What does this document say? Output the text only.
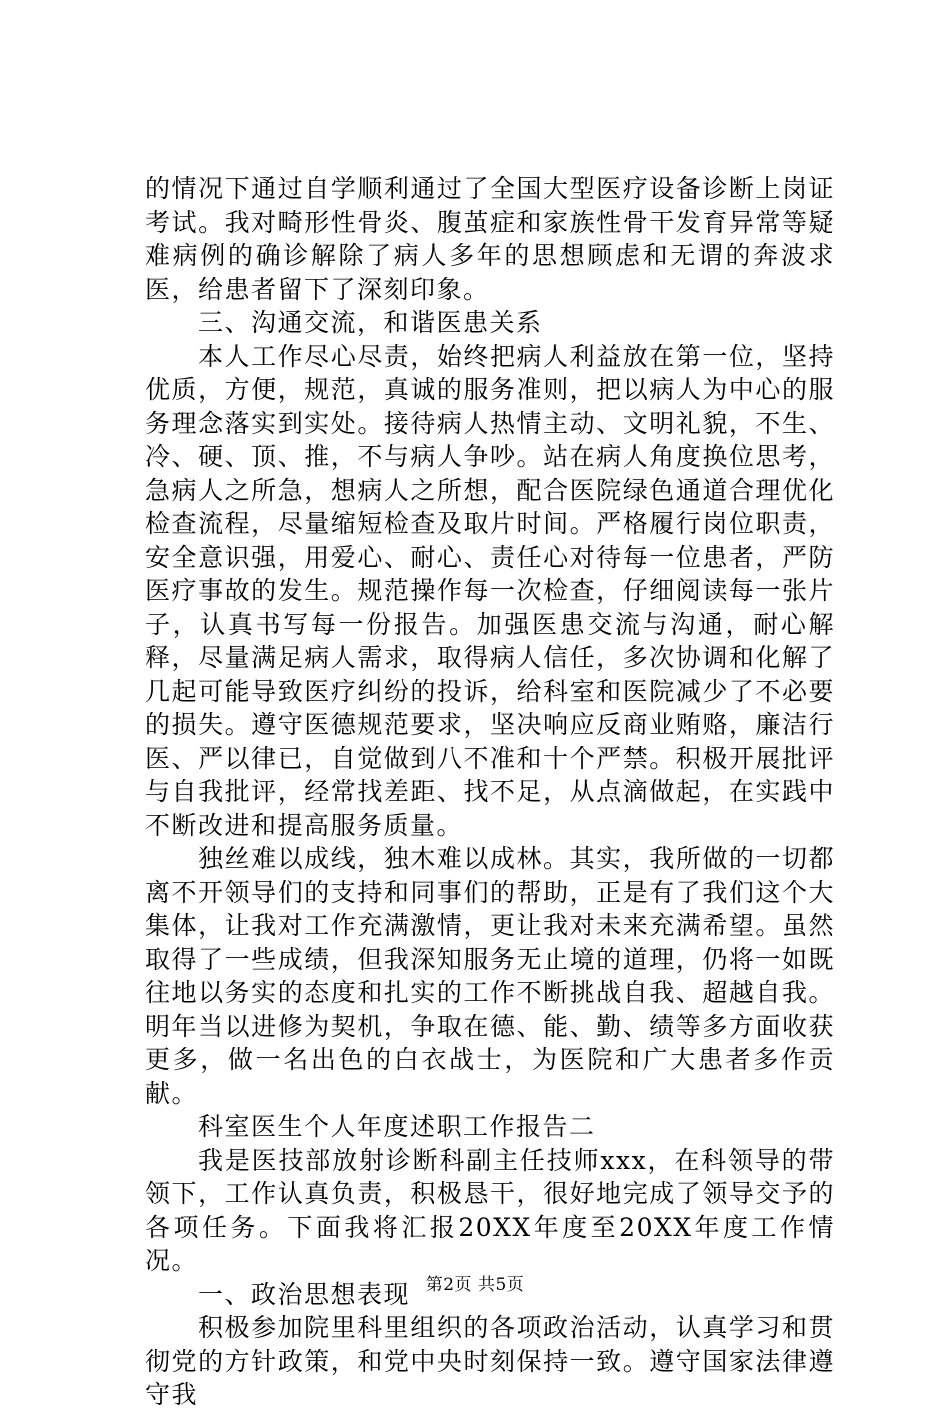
的情况下通过自学顺利通过了全国大型医疗设备诊断上岗证考试。我对畸形性骨炎、腹茧症和家族性骨干发育异常等疑难病例的确诊解除了病人多年的思想顾虑和无谓的奔波求医，给患者留下了深刻印象。

三、沟通交流，和谐医患关系

本人工作尽心尽责，始终把病人利益放在第一位，坚持优质，方便，规范，真诚的服务准则，把以病人为中心的服务理念落实到实处。接待病人热情主动、文明礼貌，不生、冷、硬、顶、推，不与病人争吵。站在病人角度换位思考，急病人之所急，想病人之所想，配合医院绿色通道合理优化检查流程，尽量缩短检查及取片时间。严格履行岗位职责，安全意识强，用爱心、耐心、责任心对待每一位患者，严防医疗事故的发生。规范操作每一次检查，仔细阅读每一张片子，认真书写每一份报告。加强医患交流与沟通，耐心解释，尽量满足病人需求，取得病人信任，多次协调和化解了几起可能导致医疗纠纷的投诉，给科室和医院减少了不必要的损失。遵守医德规范要求，坚决响应反商业贿赂，廉洁行医、严以律已，自觉做到八不准和十个严禁。积极开展批评与自我批评，经常找差距、找不足，从点滴做起，在实践中不断改进和提高服务质量。

独丝难以成线，独木难以成林。其实，我所做的一切都离不开领导们的支持和同事们的帮助，正是有了我们这个大集体，让我对工作充满激情，更让我对未来充满希望。虽然取得了一些成绩，但我深知服务无止境的道理，仍将一如既往地以务实的态度和扎实的工作不断挑战自我、超越自我。明年当以进修为契机，争取在德、能、勤、绩等多方面收获更多，做一名出色的白衣战士，为医院和广大患者多作贡献。

科室医生个人年度述职工作报告二

我是医技部放射诊断科副主任技师xxx，在科领导的带领下，工作认真负责，积极恳干，很好地完成了领导交予的各项任务。下面我将汇报20XX年度至20XX年度工作情况。

一、政治思想表现

积极参加院里科里组织的各项政治活动，认真学习和贯彻党的方针政策，和党中央时刻保持一致。遵守国家法律遵守我

第2页 共5页
